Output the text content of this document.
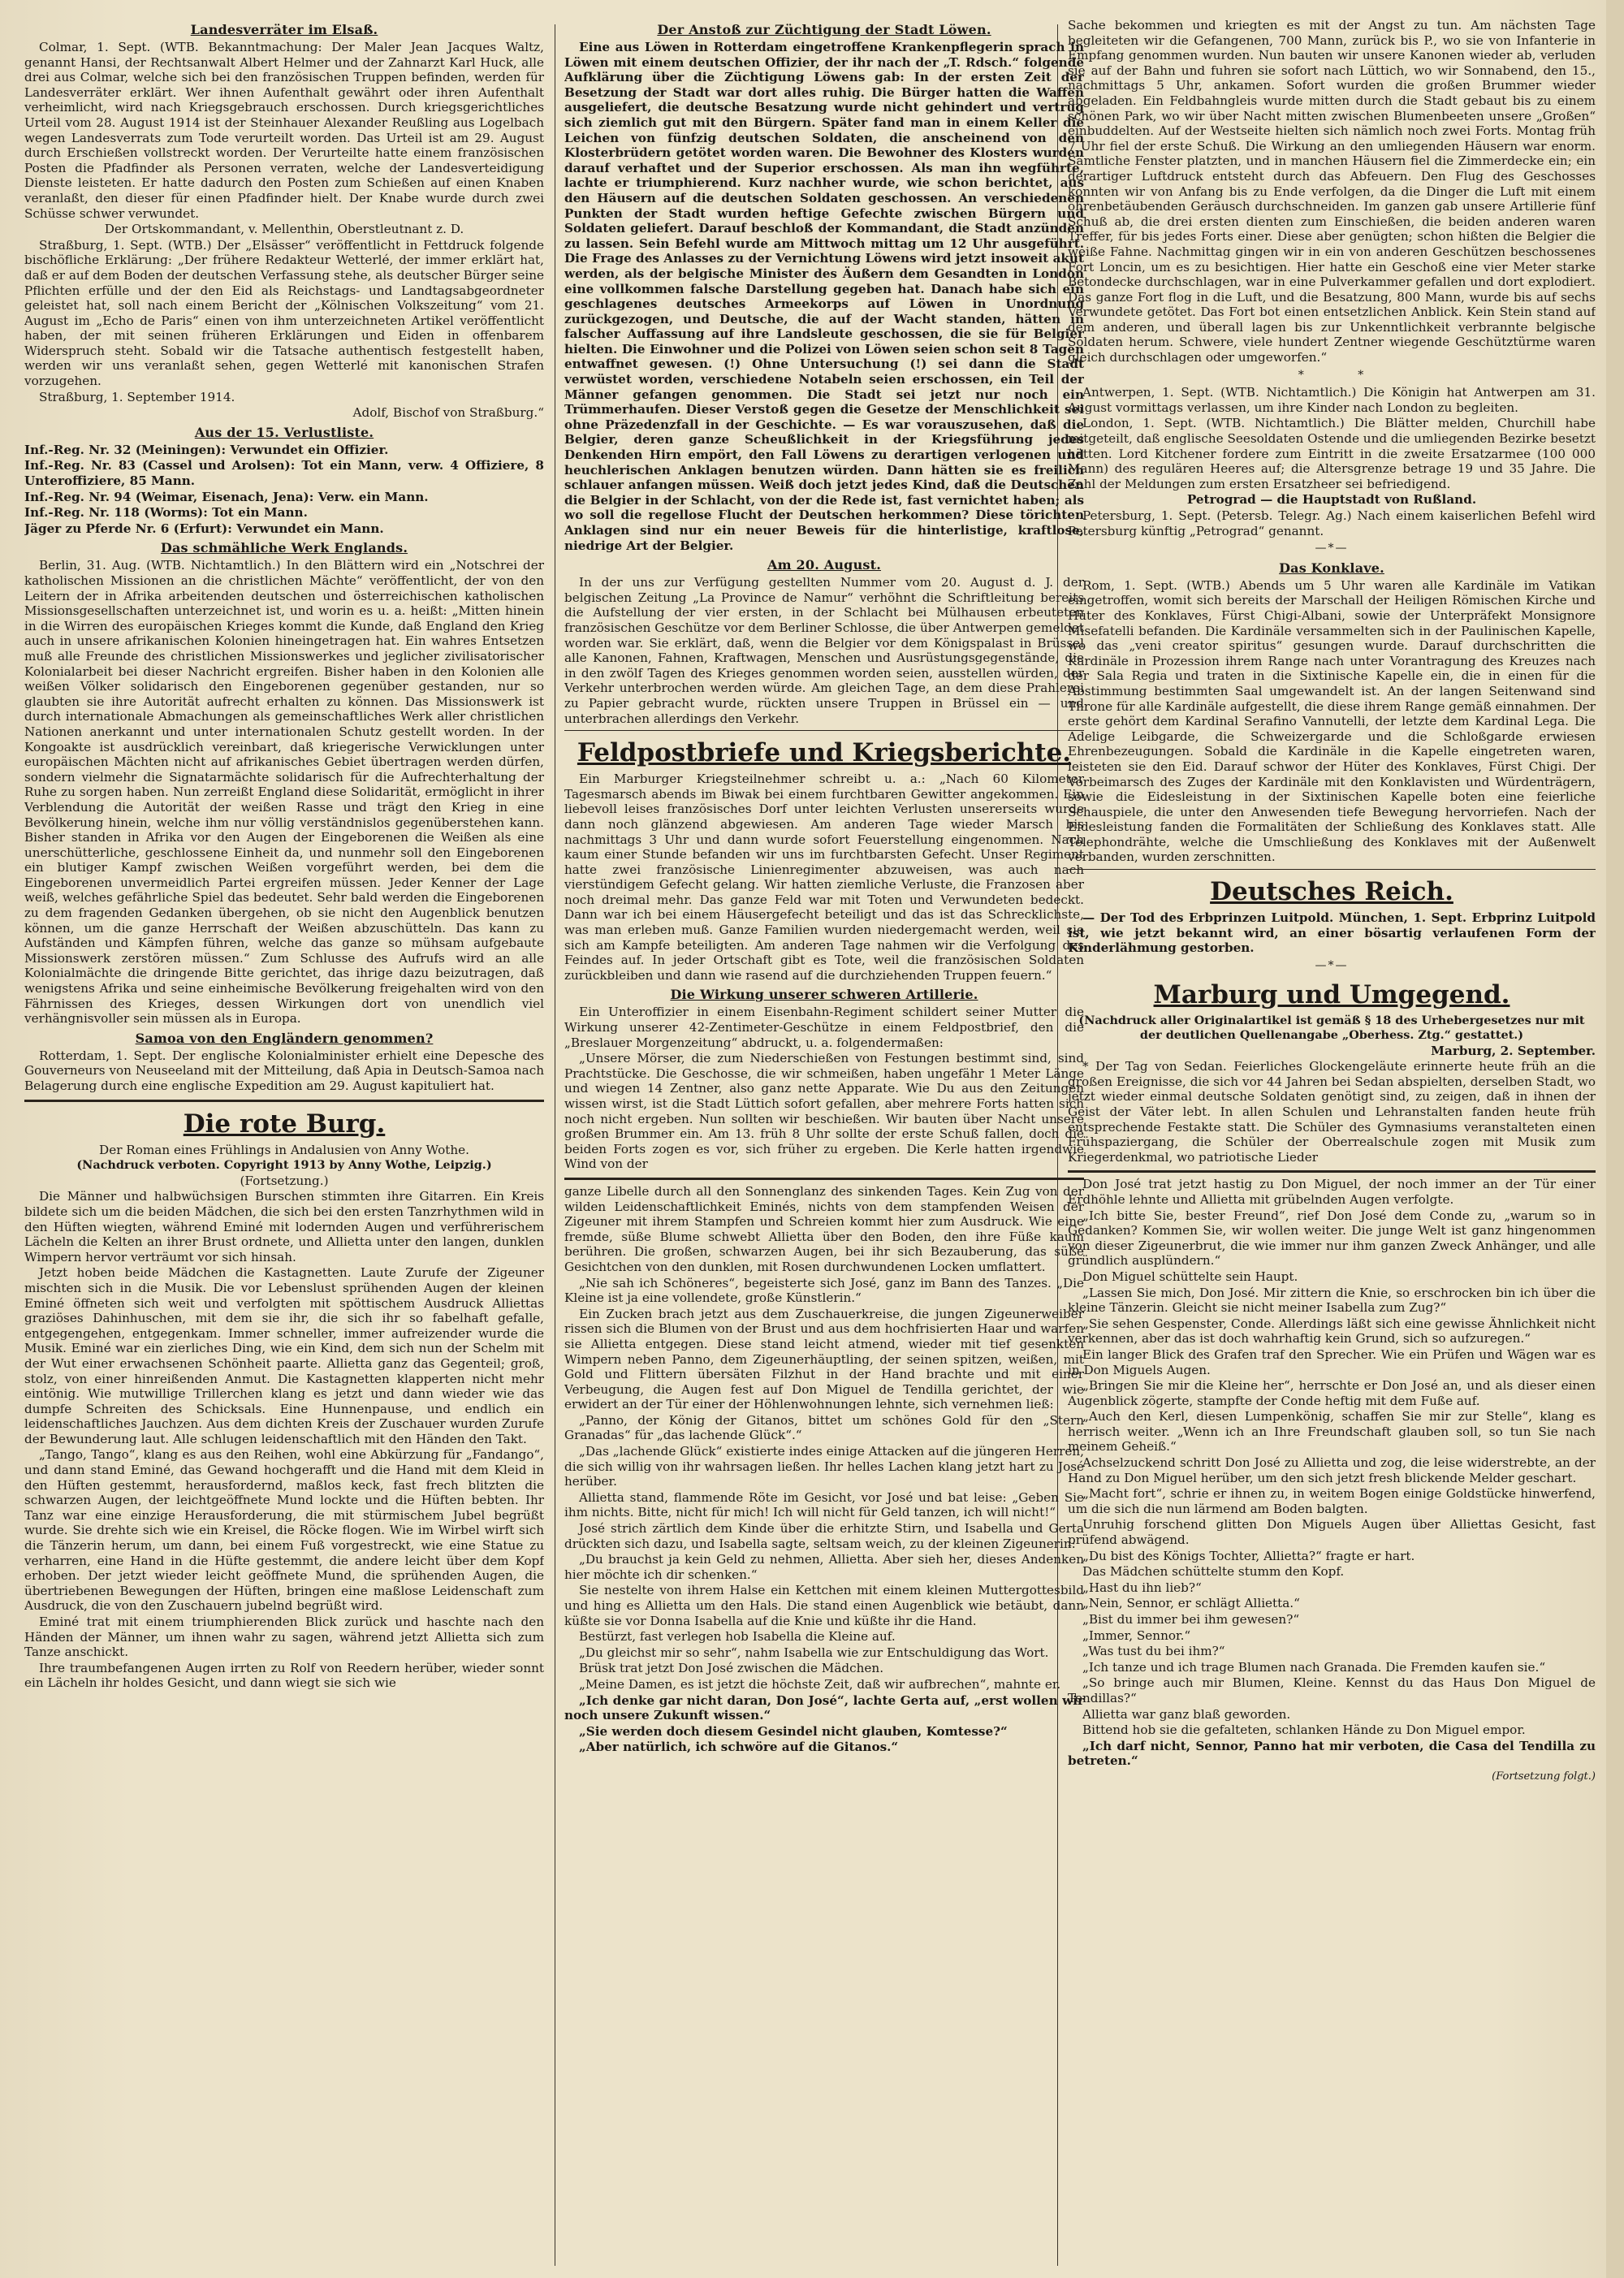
Landesverräter im Elsaß.

Colmar, 1. Sept. (WTB. Bekanntmachung: Der Maler Jean Jacques Waltz, genannt Hansi, der Rechtsanwalt Albert Helmer und der Zahnarzt Karl Huck, alle drei aus Colmar, welche sich bei den französischen Truppen befinden, werden für Landesverräter erklärt. Wer ihnen Aufenthalt gewährt oder ihren Aufenthalt verheimlicht, wird nach Kriegsgebrauch erschossen. Durch kriegsgerichtliches Urteil vom 28. August 1914 ist der Steinhauer Alexander Reußling aus Logelbach wegen Landesverrats zum Tode verurteilt worden. Das Urteil ist am 29. August durch Erschießen vollstreckt worden. Der Verurteilte hatte einem französischen Posten die Pfadfinder als Personen verraten, welche der Landesverteidigung Dienste leisteten. Er hatte dadurch den Posten zum Schießen auf einen Knaben veranlaßt, den dieser für einen Pfadfinder hielt. Der Knabe wurde durch zwei Schüsse schwer verwundet.

Der Ortskommandant, v. Mellenthin, Oberstleutnant z. D.

Straßburg, 1. Sept. (WTB.) Der „Elsässer“ veröffentlicht in Fettdruck folgende bischöfliche Erklärung: „Der frühere Redakteur Wetterlé, der immer erklärt hat, daß er auf dem Boden der deutschen Verfassung stehe, als deutscher Bürger seine Pflichten erfülle und der den Eid als Reichstags- und Landtagsabgeordneter geleistet hat, soll nach einem Bericht der „Kölnischen Volkszeitung“ vom 21. August im „Echo de Paris“ einen von ihm unterzeichneten Artikel veröffentlicht haben, der mit seinen früheren Erklärungen und Eiden in offenbarem Widerspruch steht. Sobald wir die Tatsache authentisch festgestellt haben, werden wir uns veranlaßt sehen, gegen Wetterlé mit kanonischen Strafen vorzugehen.

Straßburg, 1. September 1914.

Adolf, Bischof von Straßburg.“

Aus der 15. Verlustliste.

Inf.-Reg. Nr. 32 (Meiningen): Verwundet ein Offizier.

Inf.-Reg. Nr. 83 (Cassel und Arolsen): Tot ein Mann, verw. 4 Offiziere, 8 Unteroffiziere, 85 Mann.

Inf.-Reg. Nr. 94 (Weimar, Eisenach, Jena): Verw. ein Mann.

Inf.-Reg. Nr. 118 (Worms): Tot ein Mann.

Jäger zu Pferde Nr. 6 (Erfurt): Verwundet ein Mann.

Das schmähliche Werk Englands.

Berlin, 31. Aug. (WTB. Nichtamtlich.) In den Blättern wird ein „Notschrei der katholischen Missionen an die christlichen Mächte“ veröffentlicht, der von den Leitern der in Afrika arbeitenden deutschen und österreichischen katholischen Missionsgesellschaften unterzeichnet ist, und worin es u. a. heißt: „Mitten hinein in die Wirren des europäischen Krieges kommt die Kunde, daß England den Krieg auch in unsere afrikanischen Kolonien hineingetragen hat. Ein wahres Entsetzen muß alle Freunde des christlichen Missionswerkes und jeglicher zivilisatorischer Kolonialarbeit bei dieser Nachricht ergreifen. Bisher haben in den Kolonien alle weißen Völker solidarisch den Eingeborenen gegenüber gestanden, nur so glaubten sie ihre Autorität aufrecht erhalten zu können. Das Missionswerk ist durch internationale Abmachungen als gemeinschaftliches Werk aller christlichen Nationen anerkannt und unter internationalen Schutz gestellt worden. In der Kongoakte ist ausdrücklich vereinbart, daß kriegerische Verwicklungen unter europäischen Mächten nicht auf afrikanisches Gebiet übertragen werden dürfen, sondern vielmehr die Signatarmächte solidarisch für die Aufrechterhaltung der Ruhe zu sorgen haben. Nun zerreißt England diese Solidarität, ermöglicht in ihrer Verblendung die Autorität der weißen Rasse und trägt den Krieg in eine Bevölkerung hinein, welche ihm nur völlig verständnislos gegenüberstehen kann. Bisher standen in Afrika vor den Augen der Eingeborenen die Weißen als eine unerschütterliche, geschlossene Einheit da, und nunmehr soll den Eingeborenen ein blutiger Kampf zwischen Weißen vorgeführt werden, bei dem die Eingeborenen unvermeidlich Partei ergreifen müssen. Jeder Kenner der Lage weiß, welches gefährliche Spiel das bedeutet. Sehr bald werden die Eingeborenen zu dem fragenden Gedanken übergehen, ob sie nicht den Augenblick benutzen können, um die ganze Herrschaft der Weißen abzuschütteln. Das kann zu Aufständen und Kämpfen führen, welche das ganze so mühsam aufgebaute Missionswerk zerstören müssen.“ Zum Schlusse des Aufrufs wird an alle Kolonialmächte die dringende Bitte gerichtet, das ihrige dazu beizutragen, daß wenigstens Afrika und seine einheimische Bevölkerung freigehalten wird von den Fährnissen des Krieges, dessen Wirkungen dort von unendlich viel verhängnisvoller sein müssen als in Europa.

Samoa von den Engländern genommen?

Rotterdam, 1. Sept. Der englische Kolonialminister erhielt eine Depesche des Gouverneurs von Neuseeland mit der Mitteilung, daß Apia in Deutsch-Samoa nach Belagerung durch eine englische Expedition am 29. August kapituliert hat.

Die rote Burg.

Der Roman eines Frühlings in Andalusien von Anny Wothe.

(Nachdruck verboten. Copyright 1913 by Anny Wothe, Leipzig.)

(Fortsetzung.)

Die Männer und halbwüchsigen Burschen stimmten ihre Gitarren. Ein Kreis bildete sich um die beiden Mädchen, die sich bei den ersten Tanzrhythmen wild in den Hüften wiegten, während Eminé mit lodernden Augen und verführerischem Lächeln die Kelten an ihrer Brust ordnete, und Allietta unter den langen, dunklen Wimpern hervor verträumt vor sich hinsah.

Jetzt hoben beide Mädchen die Kastagnetten. Laute Zurufe der Zigeuner mischten sich in die Musik. Die vor Lebenslust sprühenden Augen der kleinen Eminé öffneten sich weit und verfolgten mit spöttischem Ausdruck Alliettas graziöses Dahinhuschen, mit dem sie ihr, die sich ihr so fabelhaft gefalle, entgegengehen, entgegenkam. Immer schneller, immer aufreizender wurde die Musik. Eminé war ein zierliches Ding, wie ein Kind, dem sich nun der Schelm mit der Wut einer erwachsenen Schönheit paarte. Allietta ganz das Gegenteil; groß, stolz, von einer hinreißenden Anmut. Die Kastagnetten klapperten nicht mehr eintönig. Wie mutwillige Trillerchen klang es jetzt und dann wieder wie das dumpfe Schreiten des Schicksals. Eine Hunnenpause, und endlich ein leidenschaftliches Jauchzen. Aus dem dichten Kreis der Zuschauer wurden Zurufe der Bewunderung laut. Alle schlugen leidenschaftlich mit den Händen den Takt.

„Tango, Tango“, klang es aus den Reihen, wohl eine Abkürzung für „Fandango“, und dann stand Eminé, das Gewand hochgerafft und die Hand mit dem Kleid in den Hüften gestemmt, herausfordernd, maßlos keck, fast frech blitzten die schwarzen Augen, der leichtgeöffnete Mund lockte und die Hüften bebten. Ihr Tanz war eine einzige Herausforderung, die mit stürmischem Jubel begrüßt wurde. Sie drehte sich wie ein Kreisel, die Röcke flogen. Wie im Wirbel wirft sich die Tänzerin herum, um dann, bei einem Fuß vorgestreckt, wie eine Statue zu verharren, eine Hand in die Hüfte gestemmt, die andere leicht über dem Kopf erhoben. Der jetzt wieder leicht geöffnete Mund, die sprühenden Augen, die übertriebenen Bewegungen der Hüften, bringen eine maßlose Leidenschaft zum Ausdruck, die von den Zuschauern jubelnd begrüßt wird.

Eminé trat mit einem triumphierenden Blick zurück und haschte nach den Händen der Männer, um ihnen wahr zu sagen, während jetzt Allietta sich zum Tanze anschickt.

Ihre traumbefangenen Augen irrten zu Rolf von Reedern herüber, wieder sonnt ein Lächeln ihr holdes Gesicht, und dann wiegt sie sich wie

Der Anstoß zur Züchtigung der Stadt Löwen.

Eine aus Löwen in Rotterdam eingetroffene Krankenpflegerin sprach in Löwen mit einem deutschen Offizier, der ihr nach der „T. Rdsch.“ folgende Aufklärung über die Züchtigung Löwens gab: In der ersten Zeit der Besetzung der Stadt war dort alles ruhig. Die Bürger hatten die Waffen ausgeliefert, die deutsche Besatzung wurde nicht gehindert und vertrug sich ziemlich gut mit den Bürgern. Später fand man in einem Keller die Leichen von fünfzig deutschen Soldaten, die anscheinend von den Klosterbrüdern getötet worden waren. Die Bewohner des Klosters wurden darauf verhaftet und der Superior erschossen. Als man ihn wegführte, lachte er triumphierend. Kurz nachher wurde, wie schon berichtet, aus den Häusern auf die deutschen Soldaten geschossen. An verschiedenen Punkten der Stadt wurden heftige Gefechte zwischen Bürgern und Soldaten geliefert. Darauf beschloß der Kommandant, die Stadt anzünden zu lassen. Sein Befehl wurde am Mittwoch mittag um 12 Uhr ausgeführt. Die Frage des Anlasses zu der Vernichtung Löwens wird jetzt insoweit akut werden, als der belgische Minister des Äußern dem Gesandten in London eine vollkommen falsche Darstellung gegeben hat. Danach habe sich ein geschlagenes deutsches Armeekorps auf Löwen in Unordnung zurückgezogen, und Deutsche, die auf der Wacht standen, hätten in falscher Auffassung auf ihre Landsleute geschossen, die sie für Belgier hielten. Die Einwohner und die Polizei von Löwen seien schon seit 8 Tagen entwaffnet gewesen. (!) Ohne Untersuchung (!) sei dann die Stadt verwüstet worden, verschiedene Notabeln seien erschossen, ein Teil der Männer gefangen genommen. Die Stadt sei jetzt nur noch ein Trümmerhaufen. Dieser Verstoß gegen die Gesetze der Menschlichkeit sei ohne Präzedenzfall in der Geschichte. — Es war vorauszusehen, daß die Belgier, deren ganze Scheußlichkeit in der Kriegsführung jedes Denkenden Hirn empört, den Fall Löwens zu derartigen verlogenen und heuchlerischen Anklagen benutzen würden. Dann hätten sie es freilich schlauer anfangen müssen. Weiß doch jetzt jedes Kind, daß die Deutschen die Belgier in der Schlacht, von der die Rede ist, fast vernichtet haben; als wo soll die regellose Flucht der Deutschen herkommen? Diese törichten Anklagen sind nur ein neuer Beweis für die hinterlistige, kraftlose, niedrige Art der Belgier.

Am 20. August.

In der uns zur Verfügung gestellten Nummer vom 20. August d. J. der belgischen Zeitung „La Province de Namur“ verhöhnt die Schriftleitung bereits die Aufstellung der vier ersten, in der Schlacht bei Mülhausen erbeuteten französischen Geschütze vor dem Berliner Schlosse, die über Antwerpen gemeldet worden war. Sie erklärt, daß, wenn die Belgier vor dem Königspalast in Brüssel alle Kanonen, Fahnen, Kraftwagen, Menschen und Ausrüstungsgegenstände, die in den zwölf Tagen des Krieges genommen worden seien, ausstellen würden, der Verkehr unterbrochen werden würde. Am gleichen Tage, an dem diese Prahlerei zu Papier gebracht wurde, rückten unsere Truppen in Brüssel ein — und unterbrachen allerdings den Verkehr.

Feldpostbriefe und Kriegsberichte.

Ein Marburger Kriegsteilnehmer schreibt u. a.: „Nach 60 Kilometer Tagesmarsch abends im Biwak bei einem furchtbaren Gewitter angekommen. Ein liebevoll leises französisches Dorf unter leichten Verlusten unsererseits wurde dann noch glänzend abgewiesen. Am anderen Tage wieder Marsch bis nachmittags 3 Uhr und dann wurde sofort Feuerstellung eingenommen. Nach kaum einer Stunde befanden wir uns im furchtbarsten Gefecht. Unser Regiment hatte zwei französische Linienregimenter abzuweisen, was auch nach vierstündigem Gefecht gelang. Wir hatten ziemliche Verluste, die Franzosen aber noch dreimal mehr. Das ganze Feld war mit Toten und Verwundeten bedeckt. Dann war ich bei einem Häusergefecht beteiligt und das ist das Schrecklichste, was man erleben muß. Ganze Familien wurden niedergemacht werden, weil sie sich am Kampfe beteiligten. Am anderen Tage nahmen wir die Verfolgung des Feindes auf. In jeder Ortschaft gibt es Tote, weil die französischen Soldaten zurückbleiben und dann wie rasend auf die durchziehenden Truppen feuern.“

Die Wirkung unserer schweren Artillerie.

Ein Unteroffizier in einem Eisenbahn-Regiment schildert seiner Mutter die Wirkung unserer 42-Zentimeter-Geschütze in einem Feldpostbrief, den die „Breslauer Morgenzeitung“ abdruckt, u. a. folgendermaßen:

„Unsere Mörser, die zum Niederschießen von Festungen bestimmt sind, sind Prachtstücke. Die Geschosse, die wir schmeißen, haben ungefähr 1 Meter Länge und wiegen 14 Zentner, also ganz nette Apparate. Wie Du aus den Zeitungen wissen wirst, ist die Stadt Lüttich sofort gefallen, aber mehrere Forts hatten sich noch nicht ergeben. Nun sollten wir beschießen. Wir bauten über Nacht unsere großen Brummer ein. Am 13. früh 8 Uhr sollte der erste Schuß fallen, doch die beiden Forts zogen es vor, sich früher zu ergeben. Die Kerle hatten irgendwie Wind von der

ganze Libelle durch all den Sonnenglanz des sinkenden Tages. Kein Zug von der wilden Leidenschaftlichkeit Eminés, nichts von dem stampfenden Weisen der Zigeuner mit ihrem Stampfen und Schreien kommt hier zum Ausdruck. Wie eine fremde, süße Blume schwebt Allietta über den Boden, den ihre Füße kaum berühren. Die großen, schwarzen Augen, bei ihr sich Bezauberung, das süße Gesichtchen von den dunklen, mit Rosen durchwundenen Locken umflattert.

„Nie sah ich Schöneres“, begeisterte sich José, ganz im Bann des Tanzes. „Die Kleine ist ja eine vollendete, große Künstlerin.“

Ein Zucken brach jetzt aus dem Zuschauerkreise, die jungen Zigeunerweiber rissen sich die Blumen von der Brust und aus dem hochfrisierten Haar und warfen sie Allietta entgegen. Diese stand leicht atmend, wieder mit tief gesenkten Wimpern neben Panno, dem Zigeunerhäuptling, der seinen spitzen, weißen, mit Gold und Flittern übersäten Filzhut in der Hand brachte und mit einer Verbeugung, die Augen fest auf Don Miguel de Tendilla gerichtet, der wie erwidert an der Tür einer der Höhlenwohnungen lehnte, sich vernehmen ließ:

„Panno, der König der Gitanos, bittet um schönes Gold für den „Stern Granadas“ für „das lachende Glück“.“

„Das „lachende Glück“ existierte indes einige Attacken auf die jüngeren Herren, die sich willig von ihr wahrsagen ließen. Ihr helles Lachen klang jetzt hart zu José herüber.

Allietta stand, flammende Röte im Gesicht, vor José und bat leise: „Geben Sie ihm nichts. Bitte, nicht für mich! Ich will nicht für Geld tanzen, ich will nicht!“

José strich zärtlich dem Kinde über die erhitzte Stirn, und Isabella und Gerta drückten sich dazu, und Isabella sagte, seltsam weich, zu der kleinen Zigeunerin:

„Du brauchst ja kein Geld zu nehmen, Allietta. Aber sieh her, dieses Andenken hier möchte ich dir schenken.“

Sie nestelte von ihrem Halse ein Kettchen mit einem kleinen Muttergottesbild und hing es Allietta um den Hals. Die stand einen Augenblick wie betäubt, dann küßte sie vor Donna Isabella auf die Knie und küßte ihr die Hand.

Bestürzt, fast verlegen hob Isabella die Kleine auf.

„Du gleichst mir so sehr“, nahm Isabella wie zur Entschuldigung das Wort.

Brüsk trat jetzt Don José zwischen die Mädchen.

„Meine Damen, es ist jetzt die höchste Zeit, daß wir aufbrechen“, mahnte er.

„Ich denke gar nicht daran, Don José“, lachte Gerta auf, „erst wollen wir noch unsere Zukunft wissen.“

„Sie werden doch diesem Gesindel nicht glauben, Komtesse?“

„Aber natürlich, ich schwöre auf die Gitanos.“

Sache bekommen und kriegten es mit der Angst zu tun. Am nächsten Tage begleiteten wir die Gefangenen, 700 Mann, zurück bis P., wo sie von Infanterie in Empfang genommen wurden. Nun bauten wir unsere Kanonen wieder ab, verluden sie auf der Bahn und fuhren sie sofort nach Lüttich, wo wir Sonnabend, den 15., nachmittags 5 Uhr, ankamen. Sofort wurden die großen Brummer wieder abgeladen. Ein Feldbahngleis wurde mitten durch die Stadt gebaut bis zu einem schönen Park, wo wir über Nacht mitten zwischen Blumenbeeten unsere „Großen“ einbuddelten. Auf der Westseite hielten sich nämlich noch zwei Forts. Montag früh 7 Uhr fiel der erste Schuß. Die Wirkung an den umliegenden Häusern war enorm. Sämtliche Fenster platzten, und in manchen Häusern fiel die Zimmerdecke ein; ein derartiger Luftdruck entsteht durch das Abfeuern. Den Flug des Geschosses konnten wir von Anfang bis zu Ende verfolgen, da die Dinger die Luft mit einem ohrenbetäubenden Geräusch durchschneiden. Im ganzen gab unsere Artillerie fünf Schuß ab, die drei ersten dienten zum Einschießen, die beiden anderen waren Treffer, für bis jedes Forts einer. Diese aber genügten; schon hißten die Belgier die weiße Fahne. Nachmittag gingen wir in ein von anderen Geschützen beschossenes Fort Loncin, um es zu besichtigen. Hier hatte ein Geschoß eine vier Meter starke Betondecke durchschlagen, war in eine Pulverkammer gefallen und dort explodiert. Das ganze Fort flog in die Luft, und die Besatzung, 800 Mann, wurde bis auf sechs Verwundete getötet. Das Fort bot einen entsetzlichen Anblick. Kein Stein stand auf dem anderen, und überall lagen bis zur Unkenntlichkeit verbrannte belgische Soldaten herum. Schwere, viele hundert Zentner wiegende Geschütztürme waren gleich durchschlagen oder umgeworfen.“

*          *

Antwerpen, 1. Sept. (WTB. Nichtamtlich.) Die Königin hat Antwerpen am 31. August vormittags verlassen, um ihre Kinder nach London zu begleiten.

London, 1. Sept. (WTB. Nichtamtlich.) Die Blätter melden, Churchill habe mitgeteilt, daß englische Seesoldaten Ostende und die umliegenden Bezirke besetzt hätten. Lord Kitchener fordere zum Eintritt in die zweite Ersatzarmee (100 000 Mann) des regulären Heeres auf; die Altersgrenze betrage 19 und 35 Jahre. Die Zahl der Meldungen zum ersten Ersatzheer sei befriedigend.

Petrograd — die Hauptstadt von Rußland.

Petersburg, 1. Sept. (Petersb. Telegr. Ag.) Nach einem kaiserlichen Befehl wird Petersburg künftig „Petrograd“ genannt.

—*—
Das Konklave.

Rom, 1. Sept. (WTB.) Abends um 5 Uhr waren alle Kardinäle im Vatikan eingetroffen, womit sich bereits der Marschall der Heiligen Römischen Kirche und Hüter des Konklaves, Fürst Chigi-Albani, sowie der Unterpräfekt Monsignore Misefatelli befanden. Die Kardinäle versammelten sich in der Paulinischen Kapelle, wo das „veni creator spiritus“ gesungen wurde. Darauf durchschritten die Kardinäle in Prozession ihrem Range nach unter Vorantragung des Kreuzes nach der Sala Regia und traten in die Sixtinische Kapelle ein, die in einen für die Abstimmung bestimmten Saal umgewandelt ist. An der langen Seitenwand sind Throne für alle Kardinäle aufgestellt, die diese ihrem Range gemäß einnahmen. Der erste gehört dem Kardinal Serafino Vannutelli, der letzte dem Kardinal Lega. Die Adelige Leibgarde, die Schweizergarde und die Schloßgarde erwiesen Ehrenbezeugungen. Sobald die Kardinäle in die Kapelle eingetreten waren, leisteten sie den Eid. Darauf schwor der Hüter des Konklaves, Fürst Chigi. Der Vorbeimarsch des Zuges der Kardinäle mit den Konklavisten und Würdenträgern, sowie die Eidesleistung in der Sixtinischen Kapelle boten eine feierliche Schauspiele, die unter den Anwesenden tiefe Bewegung hervorriefen. Nach der Eidesleistung fanden die Formalitäten der Schließung des Konklaves statt. Alle Telephondrähte, welche die Umschließung des Konklaves mit der Außenwelt verbanden, wurden zerschnitten.

Deutsches Reich.

— Der Tod des Erbprinzen Luitpold. München, 1. Sept. Erbprinz Luitpold ist, wie jetzt bekannt wird, an einer bösartig verlaufenen Form der Kinderlähmung gestorben.

—*—
Marburg und Umgegend.

(Nachdruck aller Originalartikel ist gemäß § 18 des Urhebergesetzes nur mit der deutlichen Quellenangabe „Oberhess. Ztg.“ gestattet.)

Marburg, 2. September.

* Der Tag von Sedan. Feierliches Glockengeläute erinnerte heute früh an die großen Ereignisse, die sich vor 44 Jahren bei Sedan abspielten, derselben Stadt, wo jetzt wieder einmal deutsche Soldaten genötigt sind, zu zeigen, daß in ihnen der Geist der Väter lebt. In allen Schulen und Lehranstalten fanden heute früh entsprechende Festakte statt. Die Schüler des Gymnasiums veranstalteten einen Frühspaziergang, die Schüler der Oberrealschule zogen mit Musik zum Kriegerdenkmal, wo patriotische Lieder

Don José trat jetzt hastig zu Don Miguel, der noch immer an der Tür einer Erdhöhle lehnte und Allietta mit grübelnden Augen verfolgte.

„Ich bitte Sie, bester Freund“, rief Don José dem Conde zu, „warum so in Gedanken? Kommen Sie, wir wollen weiter. Die junge Welt ist ganz hingenommen von dieser Zigeunerbrut, die wie immer nur ihm ganzen Zweck Anhänger, und alle gründlich ausplündern.“

Don Miguel schüttelte sein Haupt.

„Lassen Sie mich, Don José. Mir zittern die Knie, so erschrocken bin ich über die kleine Tänzerin. Gleicht sie nicht meiner Isabella zum Zug?“

„Sie sehen Gespenster, Conde. Allerdings läßt sich eine gewisse Ähnlichkeit nicht verkennen, aber das ist doch wahrhaftig kein Grund, sich so aufzuregen.“

Ein langer Blick des Grafen traf den Sprecher. Wie ein Prüfen und Wägen war es in Don Miguels Augen.

„Bringen Sie mir die Kleine her“, herrschte er Don José an, und als dieser einen Augenblick zögerte, stampfte der Conde heftig mit dem Fuße auf.

„Auch den Kerl, diesen Lumpenkönig, schaffen Sie mir zur Stelle“, klang es herrisch weiter. „Wenn ich an Ihre Freundschaft glauben soll, so tun Sie nach meinem Geheiß.“

Achselzuckend schritt Don José zu Allietta und zog, die leise widerstrebte, an der Hand zu Don Miguel herüber, um den sich jetzt fresh blickende Melder geschart.

„Macht fort“, schrie er ihnen zu, in weitem Bogen einige Goldstücke hinwerfend, um die sich die nun lärmend am Boden balgten.

Unruhig forschend glitten Don Miguels Augen über Alliettas Gesicht, fast prüfend abwägend.

„Du bist des Königs Tochter, Allietta?“ fragte er hart.

Das Mädchen schüttelte stumm den Kopf.

„Hast du ihn lieb?“

„Nein, Sennor, er schlägt Allietta.“

„Bist du immer bei ihm gewesen?“

„Immer, Sennor.“

„Was tust du bei ihm?“

„Ich tanze und ich trage Blumen nach Granada. Die Fremden kaufen sie.“

„So bringe auch mir Blumen, Kleine. Kennst du das Haus Don Miguel de Tendillas?“

Allietta war ganz blaß geworden.

Bittend hob sie die gefalteten, schlanken Hände zu Don Miguel empor.

„Ich darf nicht, Sennor, Panno hat mir verboten, die Casa del Tendilla zu betreten.“

(Fortsetzung folgt.)
